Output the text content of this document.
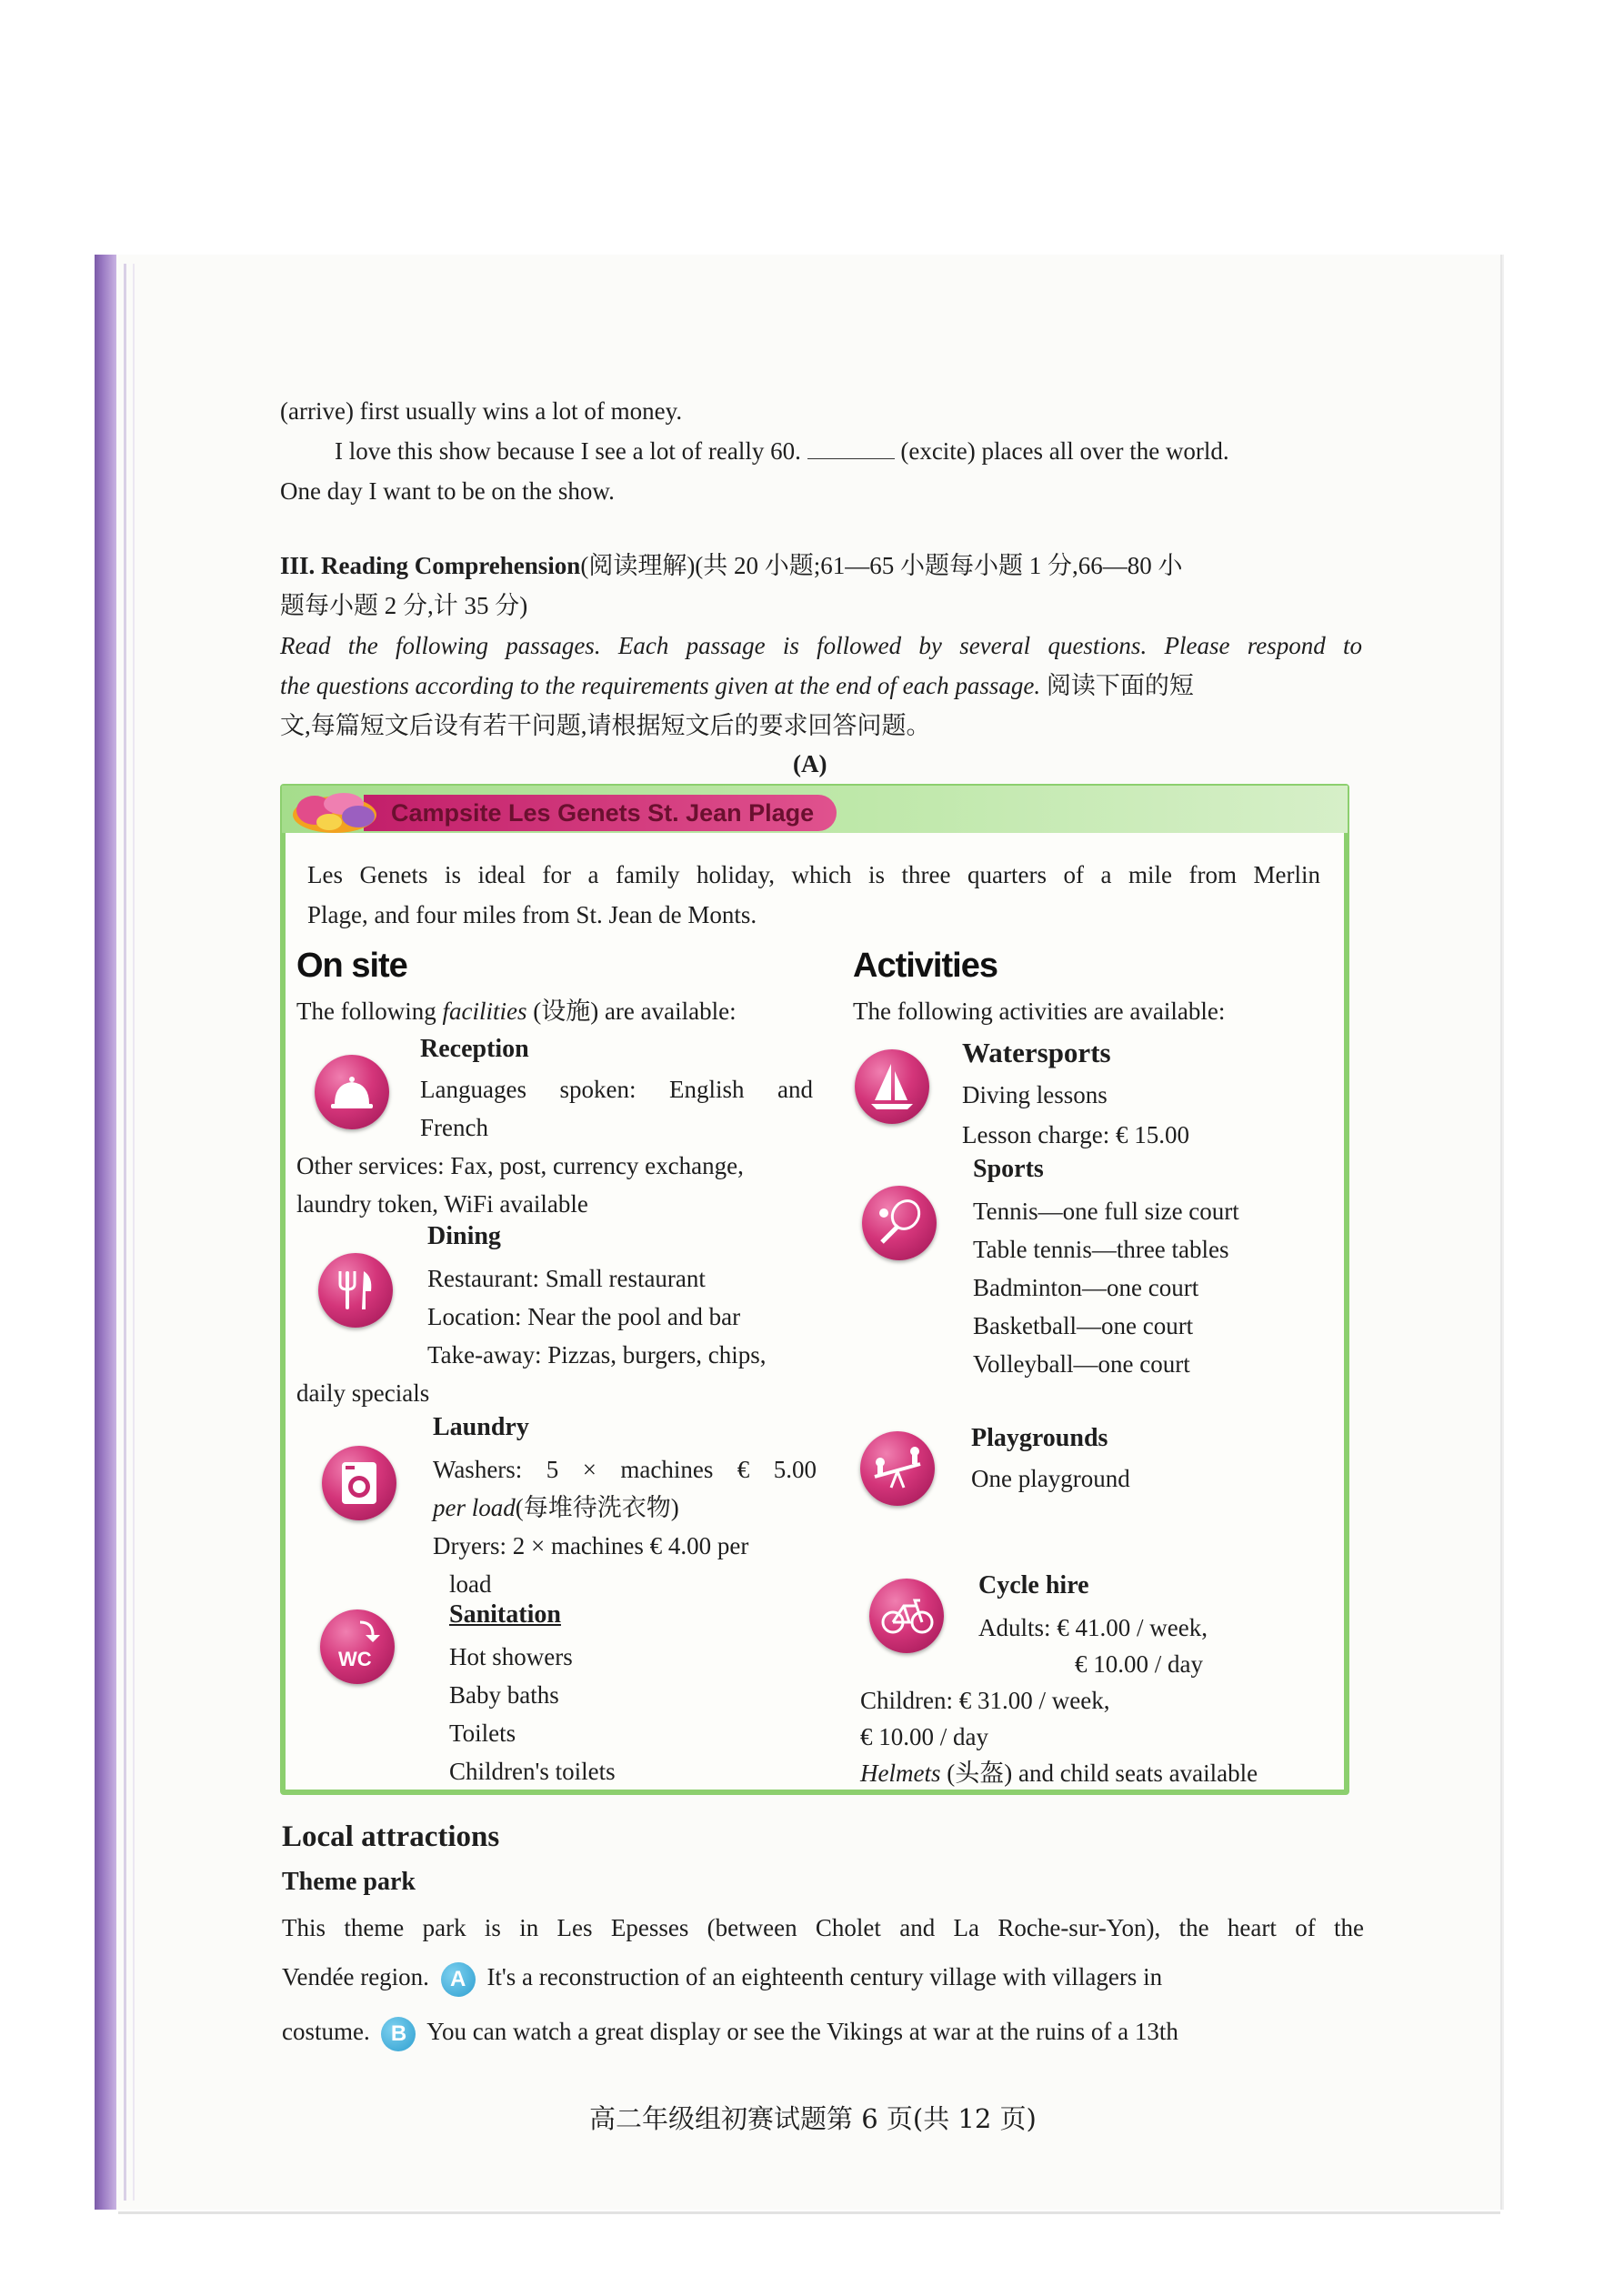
(arrive) first usually wins a lot of money.
I love this show because I see a lot of really 60.	(excite) places all over the world.
One day I want to be on the show.
III. Reading Comprehension(阅读理解)(共 20 小题;61—65 小题每小题 1 分,66—80 小
题每小题 2 分,计 35 分)
Read the following passages. Each passage is followed by several questions. Please respond to
the questions according to the requirements given at the end of each passage. 阅读下面的短
文,每篇短文后设有若干问题,请根据短文后的要求回答问题。
(A)
Campsite Les Genets St. Jean Plage
Les Genets is ideal for a family holiday, which is three quarters of a mile from Merlin
Plage, and four miles from St. Jean de Monts.
On site
The following facilities (设施) are available:
Reception
Languages spoken: English and
French
Other services: Fax, post, currency exchange,
laundry token, WiFi available
Dining
Restaurant: Small restaurant
Location: Near the pool and bar
Take-away: Pizzas, burgers, chips,
daily specials
Laundry
Washers: 5 × machines € 5.00
per load(每堆待洗衣物)
Dryers: 2 × machines € 4.00 per
load
Sanitation
WC	Hot showers
Baby baths
Toilets
Children's toilets
Activities
The following activities are available:
Watersports
Diving lessons
Lesson charge: € 15.00
Sports
Tennis—one full size court
Table tennis—three tables
Badminton—one court
Basketball—one court
Volleyball—one court
Playgrounds
One playground
Cycle hire
Adults: € 41.00 / week,
€ 10.00 / day
Children: € 31.00 / week,
€ 10.00 / day
Helmets (头盔) and child seats available
Local attractions
Theme park
This theme park is in Les Epesses (between Cholet and La Roche-sur-Yon), the heart of the
Vendée region. A It's a reconstruction of an eighteenth century village with villagers in
costume. B You can watch a great display or see the Vikings at war at the ruins of a 13th
高二年级组初赛试题第 6 页(共 12 页)
